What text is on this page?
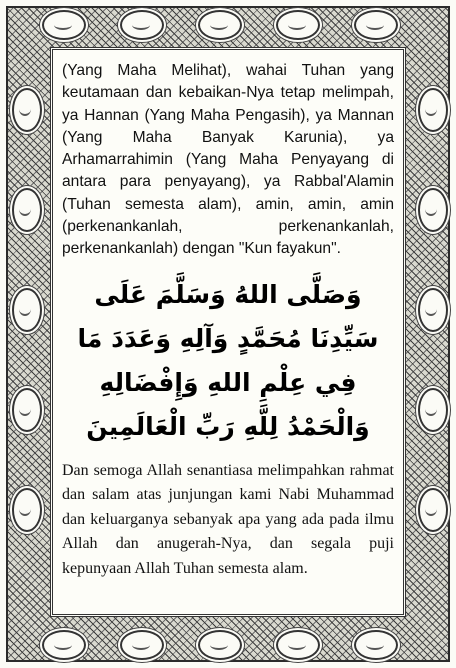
(Yang Maha Melihat), wahai Tuhan yang keutamaan dan kebaikan-Nya tetap melimpah, ya Hannan (Yang Maha Pengasih), ya Mannan (Yang Maha Banyak Karunia), ya Arhamarrahimin (Yang Maha Penyayang di antara para penyayang), ya Rabbal'Alamin (Tuhan semesta alam), amin, amin, amin (perkenankanlah, perkenankanlah, perkenankanlah) dengan "Kun fayakun".

وَصَلَّى اللهُ وَسَلَّمَ عَلَى سَيِّدِنَا مُحَمَّدٍ وَآلِهِ وَعَدَدَ مَا فِي عِلْمِ اللهِ وَإِفْضَالِهِ وَالْحَمْدُ لِلَّهِ رَبِّ الْعَالَمِينَ

Dan semoga Allah senantiasa melimpahkan rahmat dan salam atas junjungan kami Nabi Muhammad dan keluarganya sebanyak apa yang ada pada ilmu Allah dan anugerah-Nya, dan segala puji kepunyaan Allah Tuhan semesta alam.
